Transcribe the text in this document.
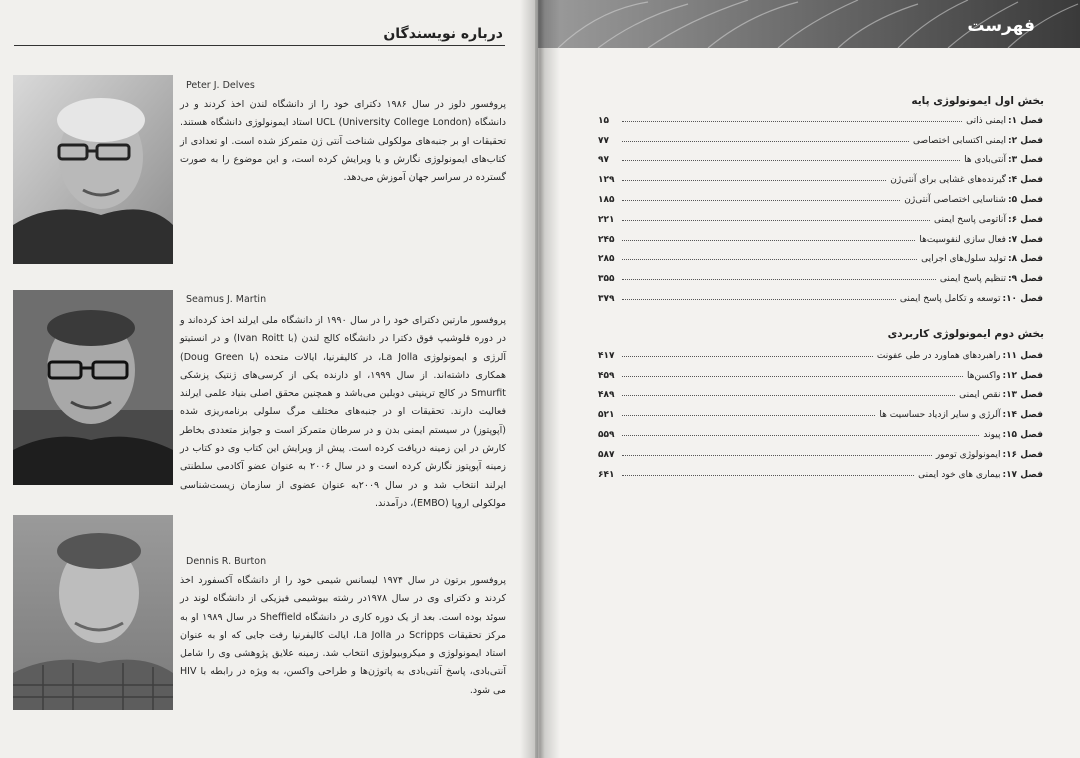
درباره نویسندگان
Peter J. Delves
پروفسور دلوز در سال ۱۹۸۶ دکترای خود را از دانشگاه لندن اخذ کردند و در دانشگاه UCL (University College London) استاد ایمونولوژی دانشگاه هستند. تحقیقات او بر جنبه‌های مولکولی شناخت آنتی ژن متمرکز شده است. او تعدادی از کتاب‌های ایمونولوژی نگارش و یا ویرایش کرده است، و این موضوع را به صورت گسترده در سراسر جهان آموزش می‌دهد.
Seamus J. Martin
پروفسور مارتین دکترای خود را در سال ۱۹۹۰ از دانشگاه ملی ایرلند اخذ کرده‌اند و در دوره فلوشیپ فوق دکترا در دانشگاه کالج لندن (با Ivan Roitt) و در انستیتو آلرژی و ایمونولوژی La Jolla، در کالیفرنیا، ایالات متحده (با Doug Green) همکاری داشته‌اند. از سال ۱۹۹۹، او دارنده یکی از کرسی‌های ژنتیک پزشکی Smurfit در کالج ترینیتی دوبلین می‌باشد و همچنین محقق اصلی بنیاد علمی ایرلند فعالیت دارند. تحقیقات او در جنبه‌های مختلف مرگ سلولی برنامه‌ریزی شده (آپوپتوز) در سیستم ایمنی بدن و در سرطان متمرکز است و جوایز متعددی بخاطر کارش در این زمینه دریافت کرده است. پیش از ویرایش این کتاب وی دو کتاب در زمینه آپوپتوز نگارش کرده است و در سال ۲۰۰۶ به عنوان عضو آکادمی سلطنتی ایرلند انتخاب شد و در سال ۲۰۰۹به عنوان عضوی از سازمان زیست‌شناسی مولکولی اروپا (EMBO)، درآمدند.
Dennis R. Burton
پروفسور برتون در سال ۱۹۷۴ لیسانس شیمی خود را از دانشگاه آکسفورد اخذ کردند و دکترای وی در سال ۱۹۷۸در رشته بیوشیمی فیزیکی از دانشگاه لوند در سوئد بوده است. بعد از یک دوره کاری در دانشگاه Sheffield در سال ۱۹۸۹ او به مرکز تحقیقات Scripps در La Jolla، ایالت کالیفرنیا رفت جایی که او به عنوان استاد ایمونولوژی و میکروبیولوژی انتخاب شد. زمینه علایق پژوهشی وی را شامل آنتی‌بادی، پاسخ آنتی‌بادی به پاتوژن‌ها و طراحی واکسن، به ویژه در رابطه با HIV می شود.
فهرست
بخش اول ایمونولوژی پایه
فصل ۱:
ایمنی ذاتی
۱۵
فصل ۲:
ایمنی اکتسابی اختصاصی
۷۷
فصل ۳:
آنتی‌بادی ها
۹۷
فصل ۴:
گیرنده‌های غشایی برای آنتی‌ژن
۱۲۹
فصل ۵:
شناسایی اختصاصی آنتی‌ژن
۱۸۵
فصل ۶:
آناتومی پاسخ ایمنی
۲۲۱
فصل ۷:
فعال سازی لنفوسیت‌ها
۲۴۵
فصل ۸:
تولید سلول‌های اجرایی
۲۸۵
فصل ۹:
تنظیم پاسخ ایمنی
۳۵۵
فصل ۱۰:
توسعه و تکامل پاسخ ایمنی
۳۷۹
بخش دوم ایمونولوژی کاربردی
فصل ۱۱:
راهبردهای هماورد در طی عفونت
۴۱۷
فصل ۱۲:
واکسن‌ها
۴۵۹
فصل ۱۳:
نقص ایمنی
۴۸۹
فصل ۱۴:
آلرژی و سایر ازدیاد حساسیت ها
۵۲۱
فصل ۱۵:
پیوند
۵۵۹
فصل ۱۶:
ایمونولوژی تومور
۵۸۷
فصل ۱۷:
بیماری های خود ایمنی
۶۴۱
